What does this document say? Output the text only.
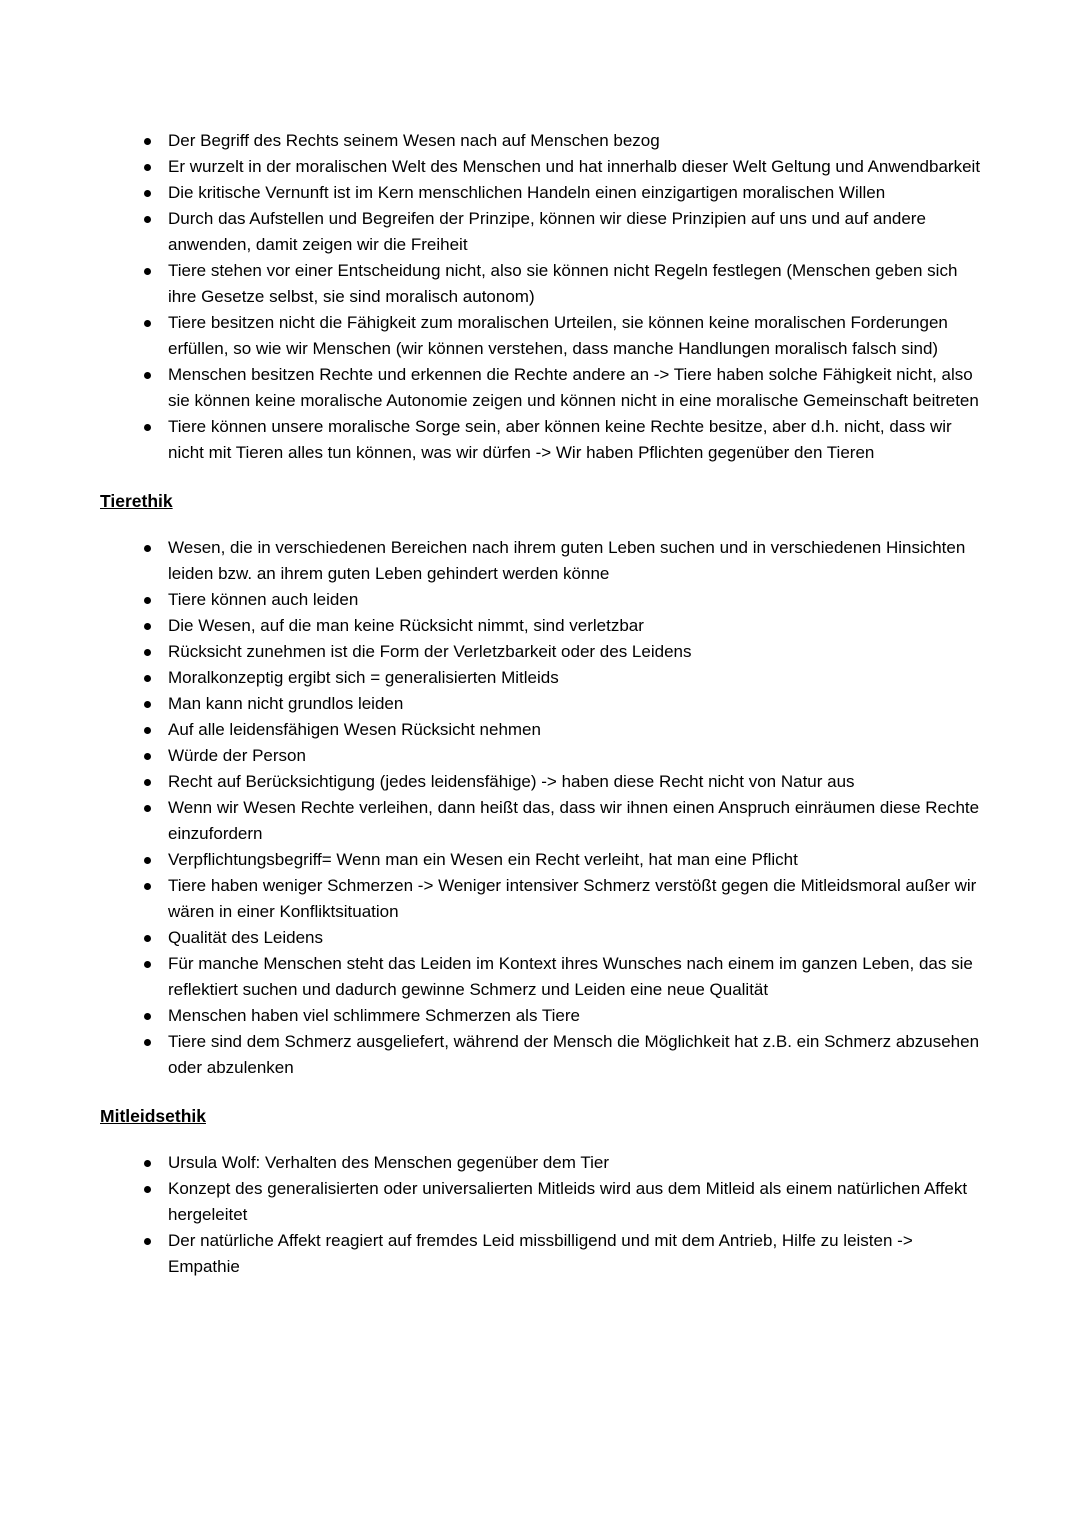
Der Begriff des Rechts seinem Wesen nach auf Menschen bezog
Er wurzelt in der moralischen Welt des Menschen und hat innerhalb dieser Welt Geltung und Anwendbarkeit
Die kritische Vernunft ist im Kern menschlichen Handeln einen einzigartigen moralischen Willen
Durch das Aufstellen und Begreifen der Prinzipe, können wir diese Prinzipien auf uns und auf andere anwenden, damit zeigen wir die Freiheit
Tiere stehen vor einer Entscheidung nicht, also sie können nicht Regeln festlegen (Menschen geben sich ihre Gesetze selbst, sie sind moralisch autonom)
Tiere besitzen nicht die Fähigkeit zum moralischen Urteilen, sie können keine moralischen Forderungen erfüllen, so wie wir Menschen (wir können verstehen, dass manche Handlungen moralisch falsch sind)
Menschen besitzen Rechte und erkennen die Rechte andere an -> Tiere haben solche Fähigkeit nicht, also sie können keine moralische Autonomie zeigen und können nicht in eine moralische Gemeinschaft beitreten
Tiere können unsere moralische Sorge sein, aber können keine Rechte besitze, aber d.h. nicht, dass wir nicht mit Tieren alles tun können, was wir dürfen -> Wir haben Pflichten gegenüber den Tieren
Tierethik
Wesen, die in verschiedenen Bereichen nach ihrem guten Leben suchen und in verschiedenen Hinsichten leiden bzw. an ihrem guten Leben gehindert werden könne
Tiere können auch leiden
Die Wesen, auf die man keine Rücksicht nimmt, sind verletzbar
Rücksicht zunehmen ist die Form der Verletzbarkeit oder des Leidens
Moralkonzeptig ergibt sich = generalisierten Mitleids
Man kann nicht grundlos leiden
Auf alle leidensfähigen Wesen Rücksicht nehmen
Würde der Person
Recht auf Berücksichtigung (jedes leidensfähige) -> haben diese Recht nicht von Natur aus
Wenn wir Wesen Rechte verleihen, dann heißt das, dass wir ihnen einen Anspruch einräumen diese Rechte einzufordern
Verpflichtungsbegriff= Wenn man ein Wesen ein Recht verleiht, hat man eine Pflicht
Tiere haben weniger Schmerzen -> Weniger intensiver Schmerz verstößt gegen die Mitleidsmoral außer wir wären in einer Konfliktsituation
Qualität des Leidens
Für manche Menschen steht das Leiden im Kontext ihres Wunsches nach einem im ganzen Leben, das sie reflektiert suchen und dadurch gewinne Schmerz und Leiden eine neue Qualität
Menschen haben viel schlimmere Schmerzen als Tiere
Tiere sind dem Schmerz ausgeliefert, während der Mensch die Möglichkeit hat z.B. ein Schmerz abzusehen oder abzulenken
Mitleidsethik
Ursula Wolf: Verhalten des Menschen gegenüber dem Tier
Konzept des generalisierten oder universalierten Mitleids wird aus dem Mitleid als einem natürlichen Affekt hergeleitet
Der natürliche Affekt reagiert auf fremdes Leid missbilligend und mit dem Antrieb, Hilfe zu leisten -> Empathie
